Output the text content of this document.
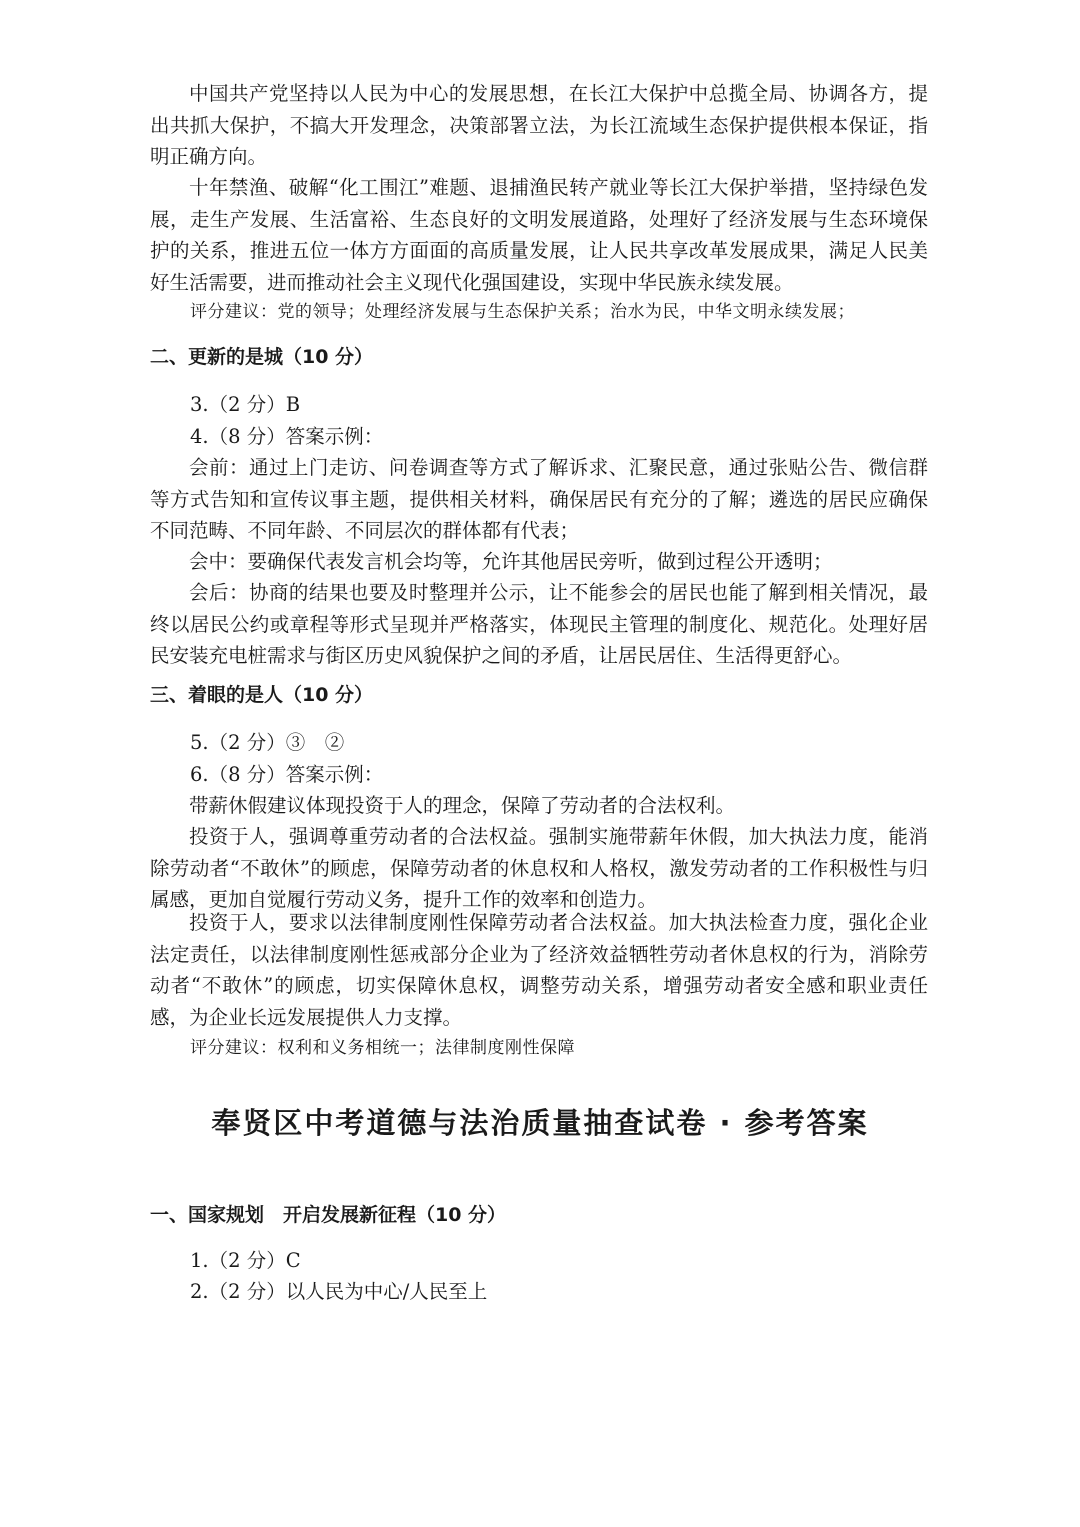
中国共产党坚持以人民为中心的发展思想，在长江大保护中总揽全局、协调各方，提出共抓大保护，不搞大开发理念，决策部署立法，为长江流域生态保护提供根本保证，指明正确方向。

十年禁渔、破解“化工围江”难题、退捕渔民转产就业等长江大保护举措，坚持绿色发展，走生产发展、生活富裕、生态良好的文明发展道路，处理好了经济发展与生态环境保护的关系，推进五位一体方方面面的高质量发展，让人民共享改革发展成果，满足人民美好生活需要，进而推动社会主义现代化强国建设，实现中华民族永续发展。

评分建议：党的领导；处理经济发展与生态保护关系；治水为民，中华文明永续发展；

二、更新的是城（10 分）

3.（2 分）B

4.（8 分）答案示例：

会前：通过上门走访、问卷调查等方式了解诉求、汇聚民意，通过张贴公告、微信群等方式告知和宣传议事主题，提供相关材料，确保居民有充分的了解；遴选的居民应确保不同范畴、不同年龄、不同层次的群体都有代表；

会中：要确保代表发言机会均等，允许其他居民旁听，做到过程公开透明；

会后：协商的结果也要及时整理并公示，让不能参会的居民也能了解到相关情况，最终以居民公约或章程等形式呈现并严格落实，体现民主管理的制度化、规范化。处理好居民安装充电桩需求与街区历史风貌保护之间的矛盾，让居民居住、生活得更舒心。

三、着眼的是人（10 分）

5.（2 分）③　②

6.（8 分）答案示例：

带薪休假建议体现投资于人的理念，保障了劳动者的合法权利。

投资于人，强调尊重劳动者的合法权益。强制实施带薪年休假，加大执法力度，能消除劳动者“不敢休”的顾虑，保障劳动者的休息权和人格权，激发劳动者的工作积极性与归属感，更加自觉履行劳动义务，提升工作的效率和创造力。

投资于人，要求以法律制度刚性保障劳动者合法权益。加大执法检查力度，强化企业法定责任，以法律制度刚性惩戒部分企业为了经济效益牺牲劳动者休息权的行为，消除劳动者“不敢休”的顾虑，切实保障休息权，调整劳动关系，增强劳动者安全感和职业责任感，为企业长远发展提供人力支撑。

评分建议：权利和义务相统一；法律制度刚性保障

奉贤区中考道德与法治质量抽查试卷 · 参考答案

一、国家规划　开启发展新征程（10 分）

1.（2 分）C

2.（2 分）以人民为中心/人民至上
